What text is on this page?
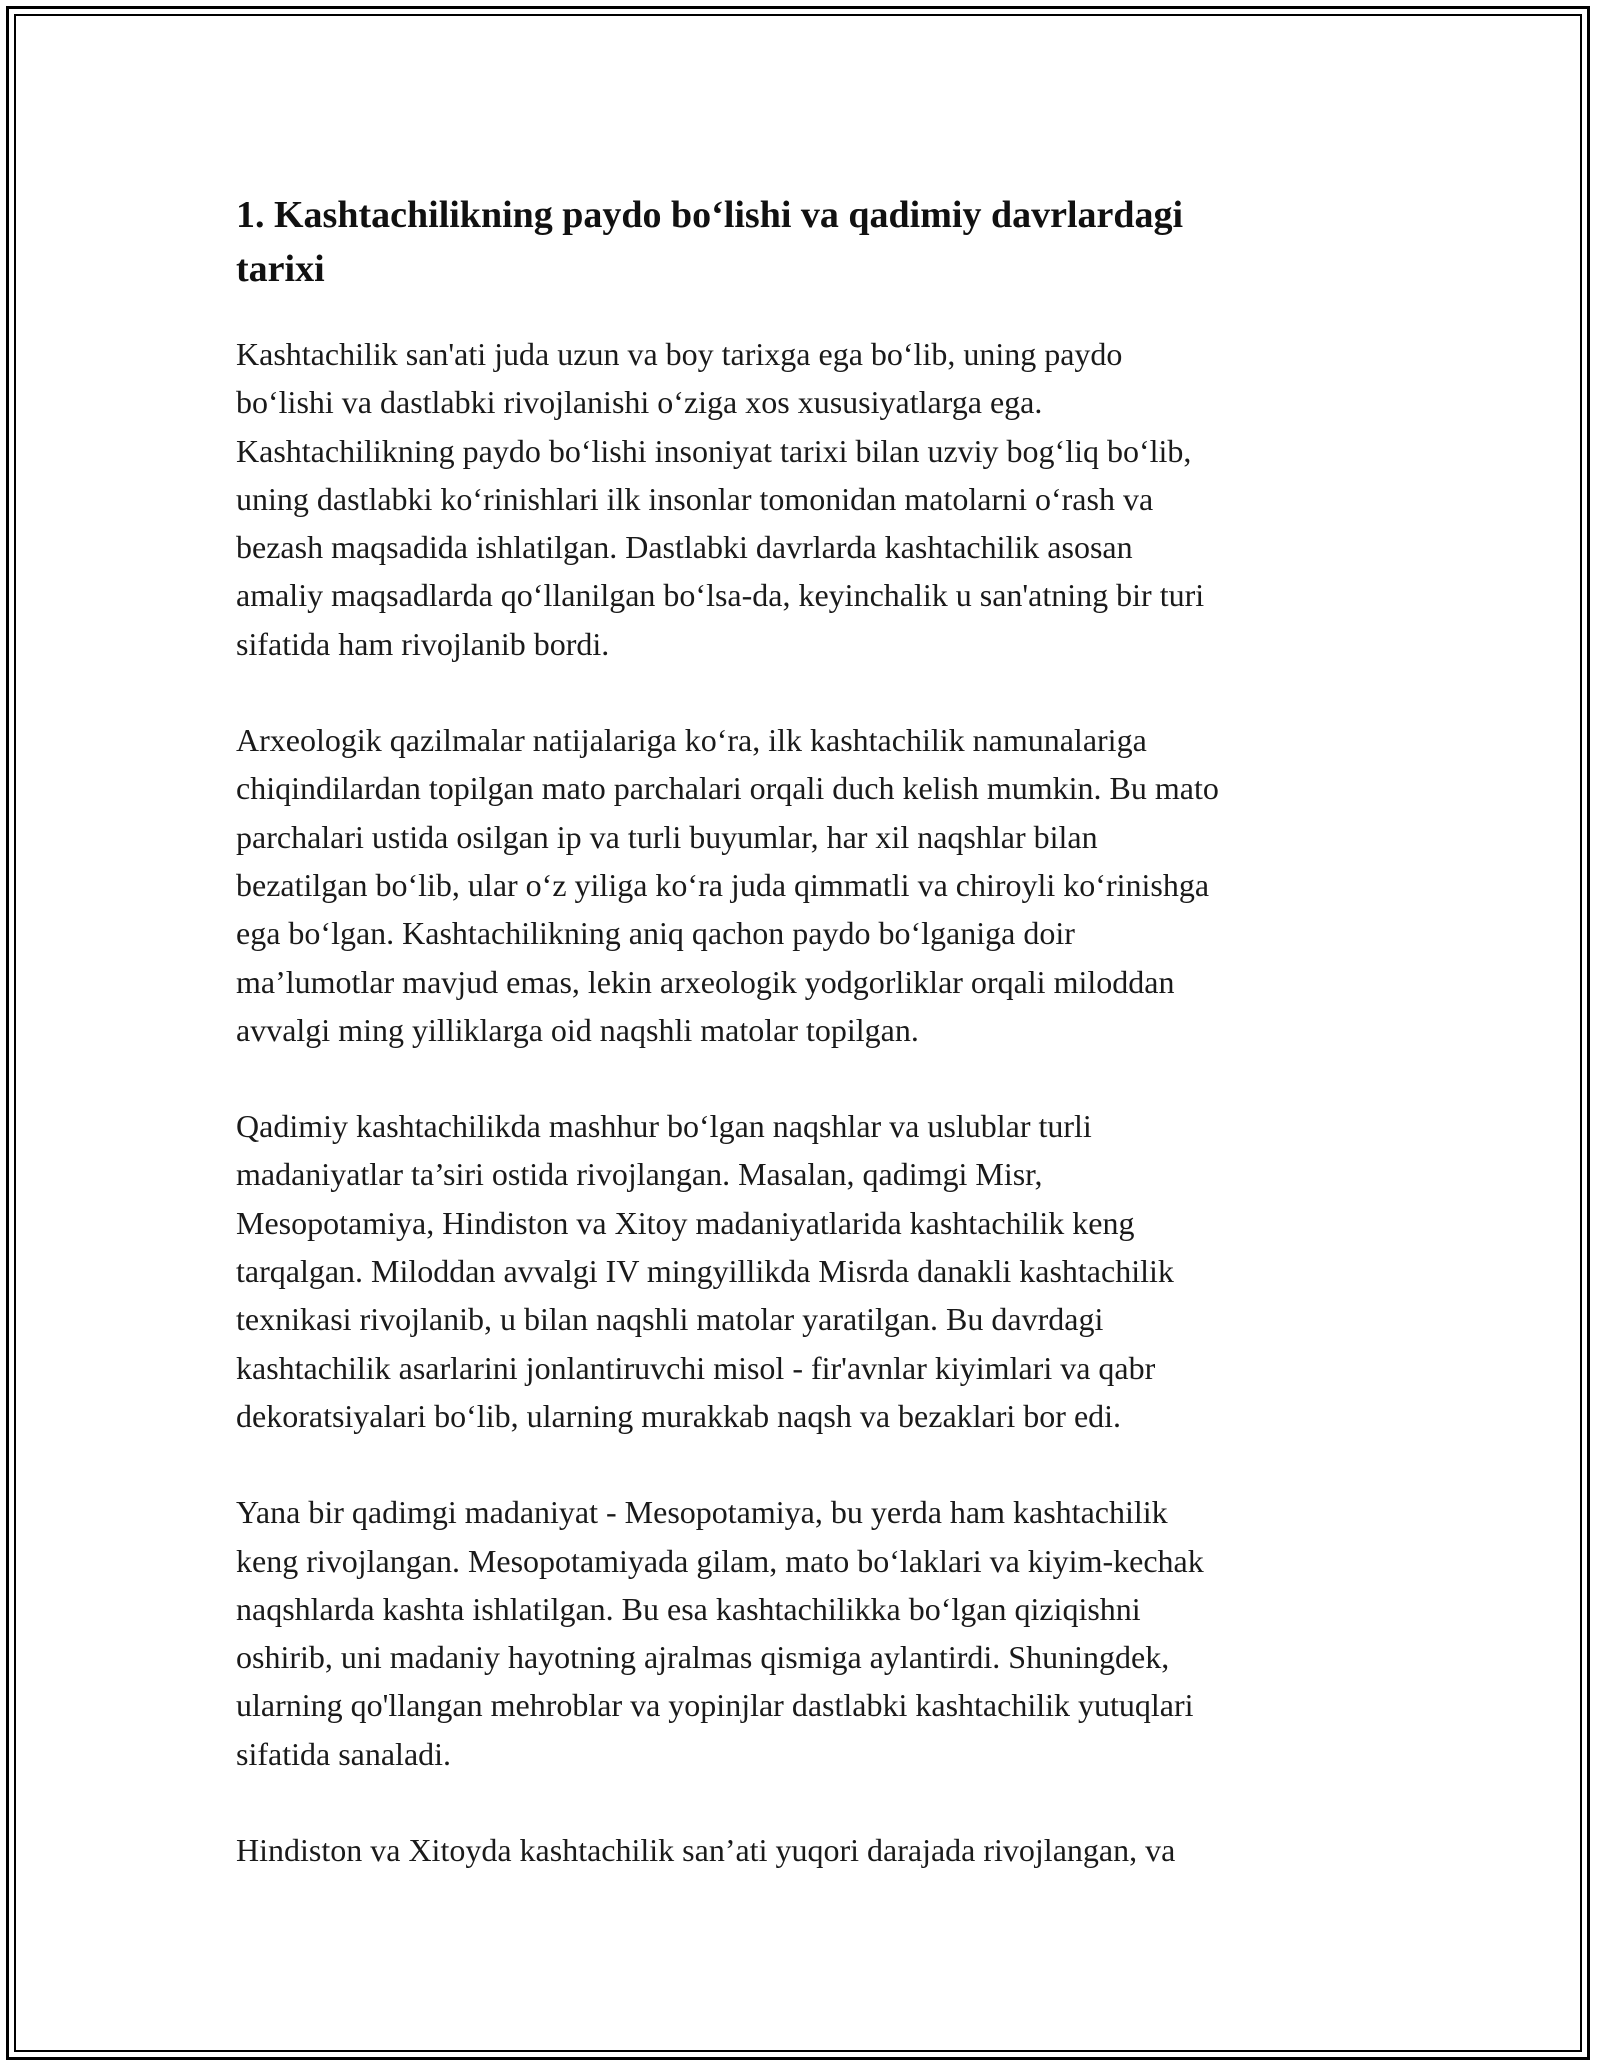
1. Kashtachilikning paydo bo‘lishi va qadimiy davrlardagi
tarixi

Kashtachilik san'ati juda uzun va boy tarixga ega bo‘lib, uning paydo
bo‘lishi va dastlabki rivojlanishi o‘ziga xos xususiyatlarga ega.
Kashtachilikning paydo bo‘lishi insoniyat tarixi bilan uzviy bog‘liq bo‘lib,
uning dastlabki ko‘rinishlari ilk insonlar tomonidan matolarni o‘rash va
bezash maqsadida ishlatilgan. Dastlabki davrlarda kashtachilik asosan
amaliy maqsadlarda qo‘llanilgan bo‘lsa-da, keyinchalik u san'atning bir turi
sifatida ham rivojlanib bordi.

Arxeologik qazilmalar natijalariga ko‘ra, ilk kashtachilik namunalariga
chiqindilardan topilgan mato parchalari orqali duch kelish mumkin. Bu mato
parchalari ustida osilgan ip va turli buyumlar, har xil naqshlar bilan
bezatilgan bo‘lib, ular o‘z yiliga ko‘ra juda qimmatli va chiroyli ko‘rinishga
ega bo‘lgan. Kashtachilikning aniq qachon paydo bo‘lganiga doir
ma’lumotlar mavjud emas, lekin arxeologik yodgorliklar orqali miloddan
avvalgi ming yilliklarga oid naqshli matolar topilgan.

Qadimiy kashtachilikda mashhur bo‘lgan naqshlar va uslublar turli
madaniyatlar ta’siri ostida rivojlangan. Masalan, qadimgi Misr,
Mesopotamiya, Hindiston va Xitoy madaniyatlarida kashtachilik keng
tarqalgan. Miloddan avvalgi IV mingyillikda Misrda danakli kashtachilik
texnikasi rivojlanib, u bilan naqshli matolar yaratilgan. Bu davrdagi
kashtachilik asarlarini jonlantiruvchi misol - fir'avnlar kiyimlari va qabr
dekoratsiyalari bo‘lib, ularning murakkab naqsh va bezaklari bor edi.

Yana bir qadimgi madaniyat - Mesopotamiya, bu yerda ham kashtachilik
keng rivojlangan. Mesopotamiyada gilam, mato bo‘laklari va kiyim-kechak
naqshlarda kashta ishlatilgan. Bu esa kashtachilikka bo‘lgan qiziqishni
oshirib, uni madaniy hayotning ajralmas qismiga aylantirdi. Shuningdek,
ularning qo'llangan mehroblar va yopinjlar dastlabki kashtachilik yutuqlari
sifatida sanaladi.

Hindiston va Xitoyda kashtachilik san’ati yuqori darajada rivojlangan, va
